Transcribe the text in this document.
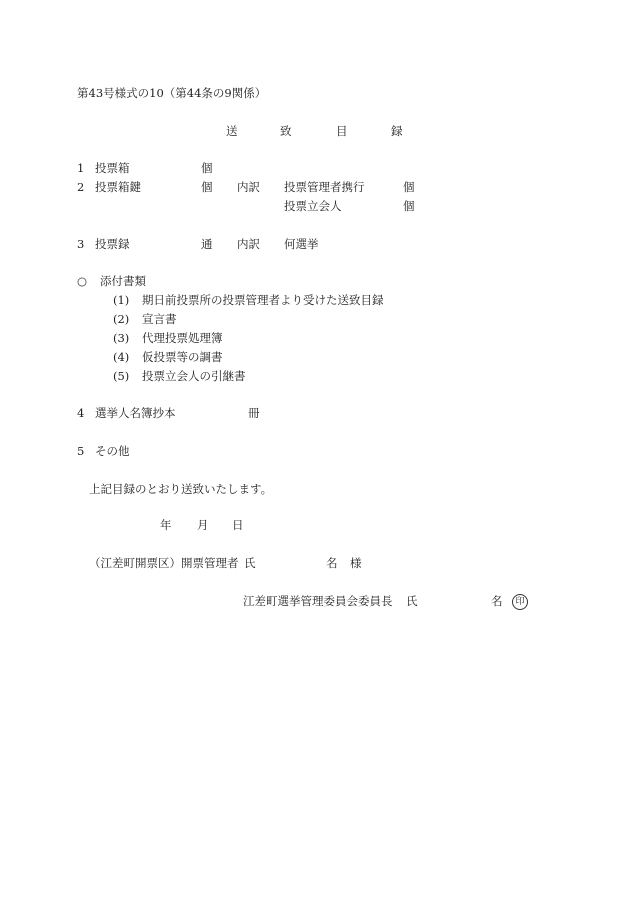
第43号様式の10（第44条の9関係）
送	致	目	録
1 投票箱	個
2 投票箱鍵	個 内訳 投票管理者携行	個
投票立会人	個
3 投票録	通 内訳 何選挙
○ 添付書類
(1) 期日前投票所の投票管理者より受けた送致目録
(2) 宣言書
(3) 代理投票処理簿
(4) 仮投票等の調書
(5) 投票立会人の引継書
4 選挙人名簿抄本	冊
5 その他
上記目録のとおり送致いたします。
年 月 日
（江差町開票区）開票管理者 氏	名 様
江差町選挙管理委員会委員長 氏	名	印
